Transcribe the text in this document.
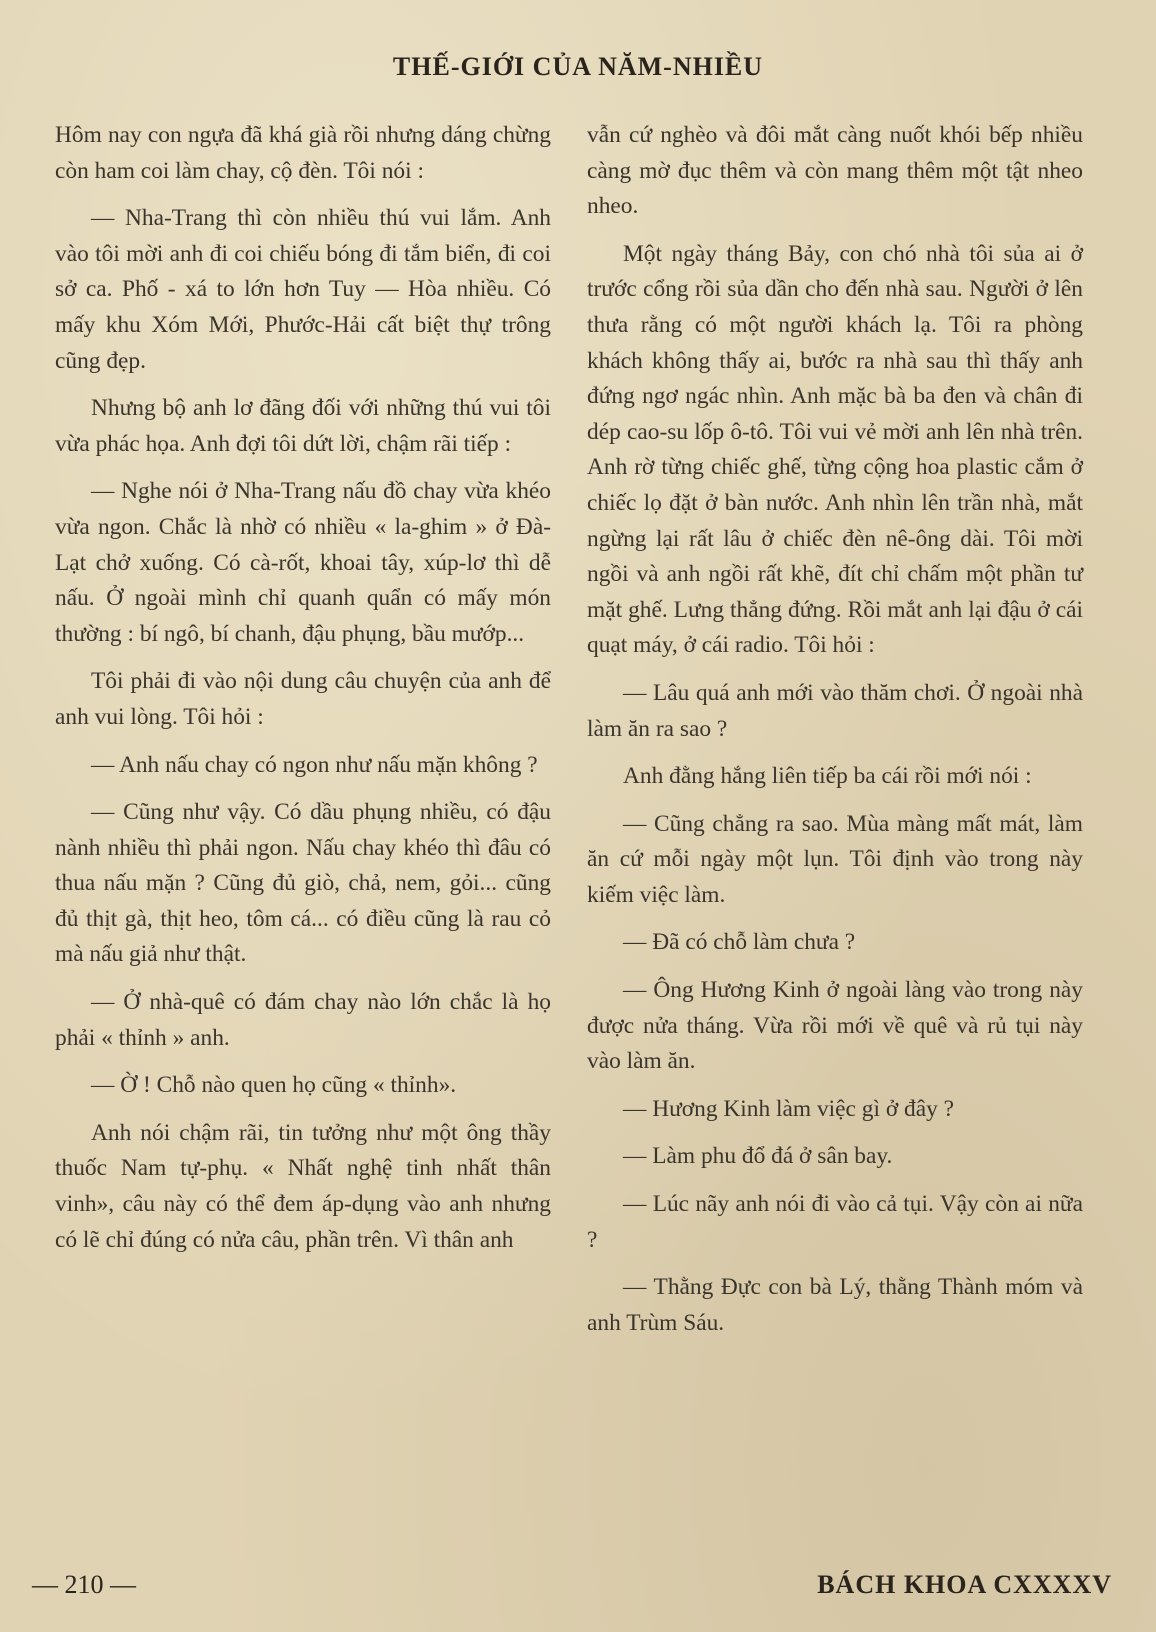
THẾ-GIỚI CỦA NĂM-NHIỀU

Hôm nay con ngựa đã khá già rồi nhưng dáng chừng còn ham coi làm chay, cộ đèn. Tôi nói :

— Nha-Trang thì còn nhiều thú vui lắm. Anh vào tôi mời anh đi coi chiếu bóng đi tắm biển, đi coi sở ca. Phố - xá to lớn hơn Tuy — Hòa nhiều. Có mấy khu Xóm Mới, Phước-Hải cất biệt thự trông cũng đẹp.

Nhưng bộ anh lơ đãng đối với những thú vui tôi vừa phác họa. Anh đợi tôi dứt lời, chậm rãi tiếp :

— Nghe nói ở Nha-Trang nấu đồ chay vừa khéo vừa ngon. Chắc là nhờ có nhiều « la-ghim » ở Đà-Lạt chở xuống. Có cà-rốt, khoai tây, xúp-lơ thì dễ nấu. Ở ngoài mình chỉ quanh quẩn có mấy món thường : bí ngô, bí chanh, đậu phụng, bầu mướp...

Tôi phải đi vào nội dung câu chuyện của anh để anh vui lòng. Tôi hỏi :

— Anh nấu chay có ngon như nấu mặn không ?

— Cũng như vậy. Có dầu phụng nhiều, có đậu nành nhiều thì phải ngon. Nấu chay khéo thì đâu có thua nấu mặn ? Cũng đủ giò, chả, nem, gỏi... cũng đủ thịt gà, thịt heo, tôm cá... có điều cũng là rau cỏ mà nấu giả như thật.

— Ở nhà-quê có đám chay nào lớn chắc là họ phải « thỉnh » anh.

— Ờ ! Chỗ nào quen họ cũng « thỉnh».

Anh nói chậm rãi, tin tưởng như một ông thầy thuốc Nam tự-phụ. « Nhất nghệ tinh nhất thân vinh», câu này có thể đem áp-dụng vào anh nhưng có lẽ chỉ đúng có nửa câu, phần trên. Vì thân anh

vẫn cứ nghèo và đôi mắt càng nuốt khói bếp nhiều càng mờ đục thêm và còn mang thêm một tật nheo nheo.

Một ngày tháng Bảy, con chó nhà tôi sủa ai ở trước cổng rồi sủa dần cho đến nhà sau. Người ở lên thưa rằng có một người khách lạ. Tôi ra phòng khách không thấy ai, bước ra nhà sau thì thấy anh đứng ngơ ngác nhìn. Anh mặc bà ba đen và chân đi dép cao-su lốp ô-tô. Tôi vui vẻ mời anh lên nhà trên. Anh rờ từng chiếc ghế, từng cộng hoa plastic cắm ở chiếc lọ đặt ở bàn nước. Anh nhìn lên trần nhà, mắt ngừng lại rất lâu ở chiếc đèn nê-ông dài. Tôi mời ngồi và anh ngồi rất khẽ, đít chỉ chấm một phần tư mặt ghế. Lưng thẳng đứng. Rồi mắt anh lại đậu ở cái quạt máy, ở cái radio. Tôi hỏi :

— Lâu quá anh mới vào thăm chơi. Ở ngoài nhà làm ăn ra sao ?

Anh đằng hắng liên tiếp ba cái rồi mới nói :

— Cũng chẳng ra sao. Mùa màng mất mát, làm ăn cứ mỗi ngày một lụn. Tôi định vào trong này kiếm việc làm.

— Đã có chỗ làm chưa ?

— Ông Hương Kinh ở ngoài làng vào trong này được nửa tháng. Vừa rồi mới về quê và rủ tụi này vào làm ăn.

— Hương Kinh làm việc gì ở đây ?

— Làm phu đổ đá ở sân bay.

— Lúc nãy anh nói đi vào cả tụi. Vậy còn ai nữa ?

— Thằng Đực con bà Lý, thằng Thành móm và anh Trùm Sáu.

— 210 —	BÁCH KHOA CXXXXV
